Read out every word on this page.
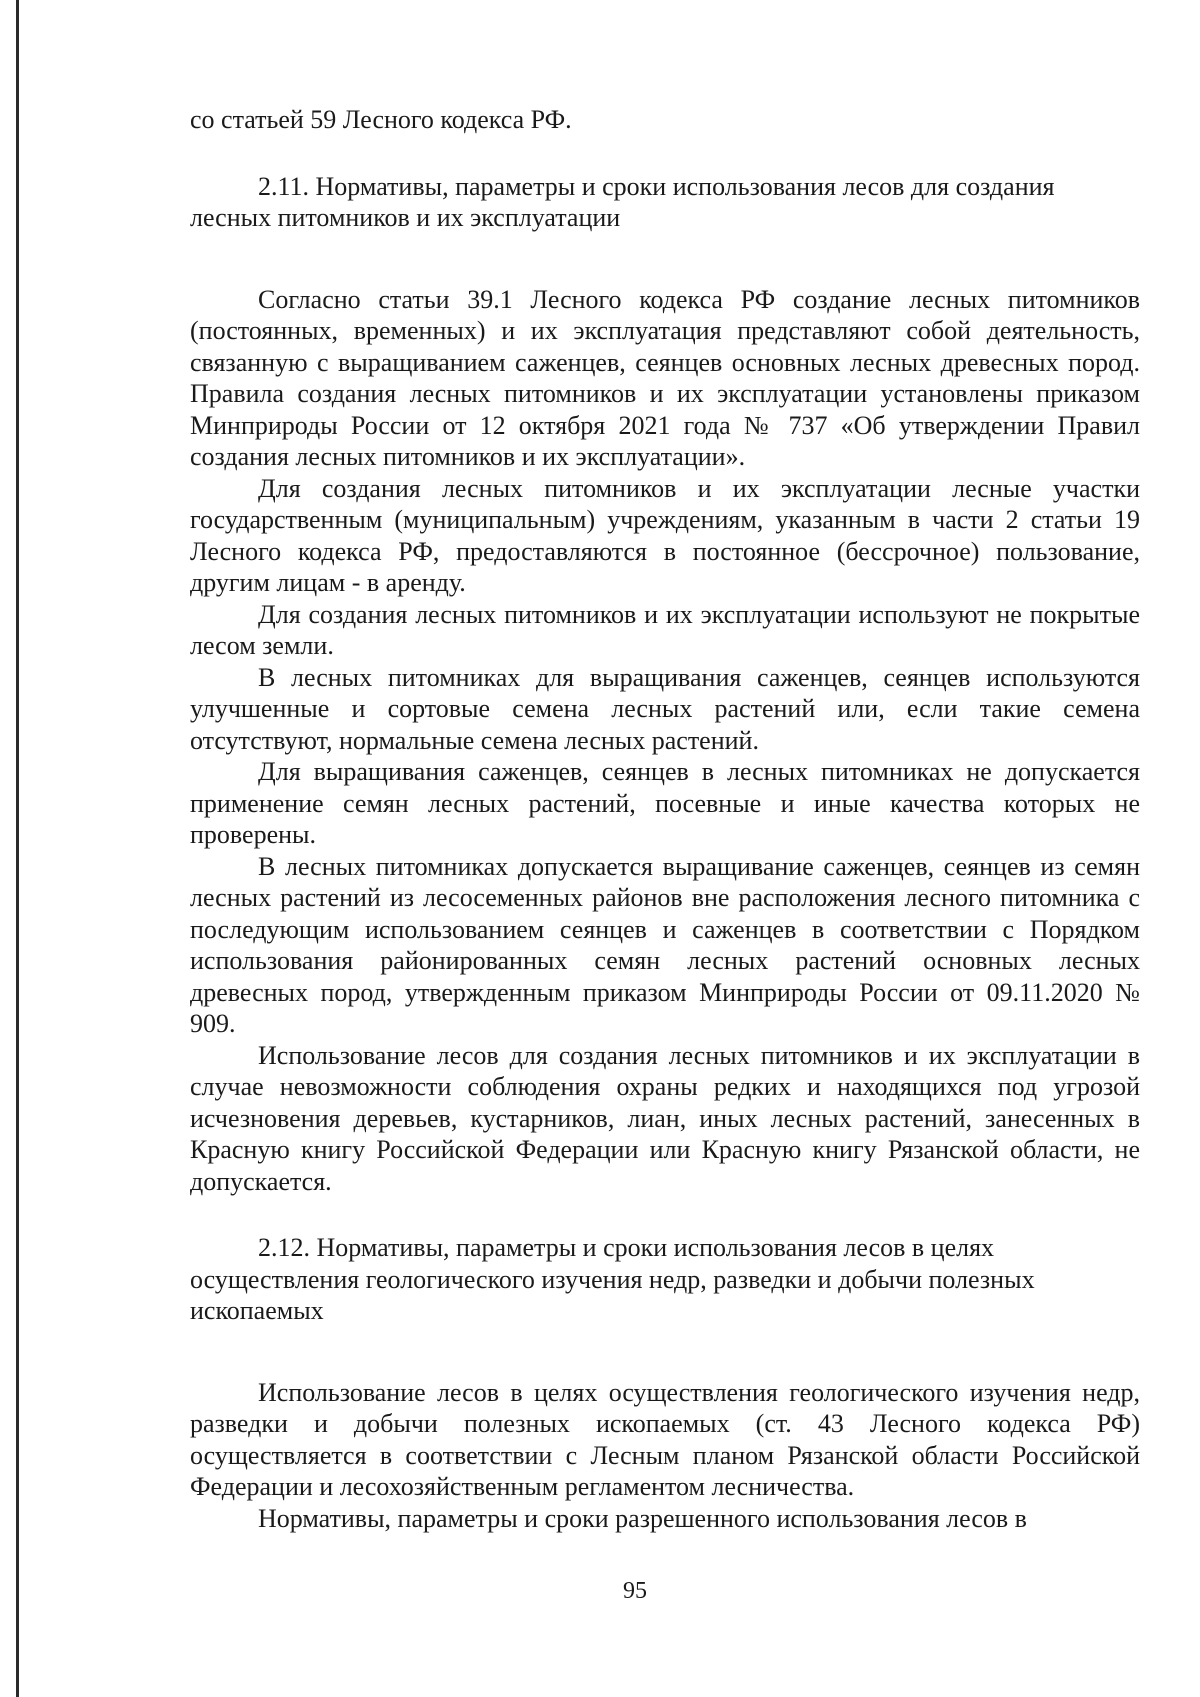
со статьей 59 Лесного кодекса РФ.

2.11. Нормативы, параметры и сроки использования лесов для создания лесных питомников и их эксплуатации

Согласно статьи 39.1 Лесного кодекса РФ создание лесных питомников (постоянных, временных) и их эксплуатация представляют собой деятельность, связанную с выращиванием саженцев, сеянцев основных лесных древесных пород. Правила создания лесных питомников и их эксплуатации установлены приказом Минприроды России от 12 октября 2021 года № 737 «Об утверждении Правил создания лесных питомников и их эксплуатации».

Для создания лесных питомников и их эксплуатации лесные участки государственным (муниципальным) учреждениям, указанным в части 2 статьи 19 Лесного кодекса РФ, предоставляются в постоянное (бессрочное) пользование, другим лицам - в аренду.

Для создания лесных питомников и их эксплуатации используют не покрытые лесом земли.

В лесных питомниках для выращивания саженцев, сеянцев используются улучшенные и сортовые семена лесных растений или, если такие семена отсутствуют, нормальные семена лесных растений.

Для выращивания саженцев, сеянцев в лесных питомниках не допускается применение семян лесных растений, посевные и иные качества которых не проверены.

В лесных питомниках допускается выращивание саженцев, сеянцев из семян лесных растений из лесосеменных районов вне расположения лесного питомника с последующим использованием сеянцев и саженцев в соответствии с Порядком использования районированных семян лесных растений основных лесных древесных пород, утвержденным приказом Минприроды России от 09.11.2020 № 909.

Использование лесов для создания лесных питомников и их эксплуатации в случае невозможности соблюдения охраны редких и находящихся под угрозой исчезновения деревьев, кустарников, лиан, иных лесных растений, занесенных в Красную книгу Российской Федерации или Красную книгу Рязанской области, не допускается.

2.12. Нормативы, параметры и сроки использования лесов в целях осуществления геологического изучения недр, разведки и добычи полезных ископаемых

Использование лесов в целях осуществления геологического изучения недр, разведки и добычи полезных ископаемых (ст. 43 Лесного кодекса РФ) осуществляется в соответствии с Лесным планом Рязанской области Российской Федерации и лесохозяйственным регламентом лесничества.

Нормативы, параметры и сроки разрешенного использования лесов в

95
